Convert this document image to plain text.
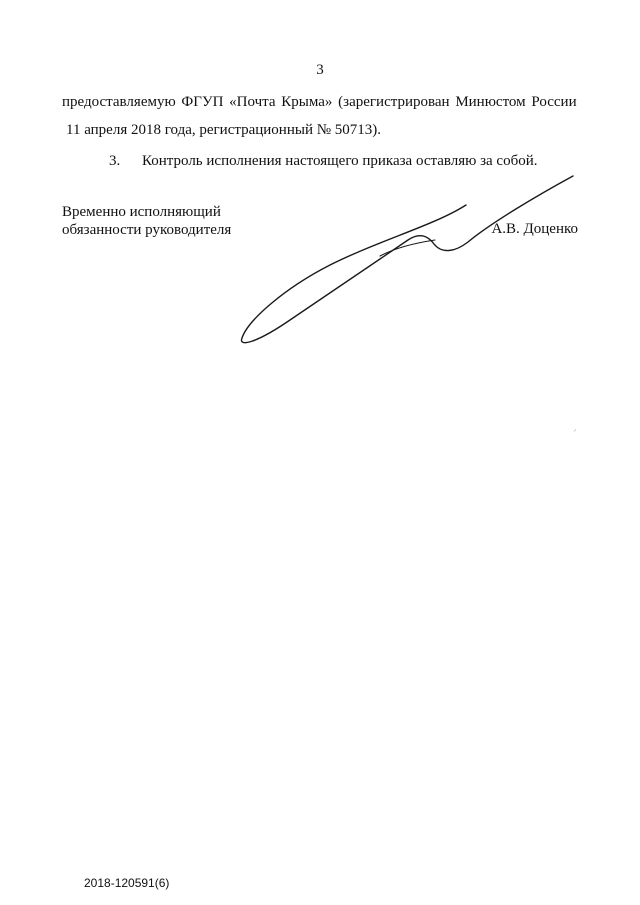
3
предоставляемую ФГУП «Почта Крыма» (зарегистрирован Минюстом России
11 апреля 2018 года, регистрационный № 50713).
3. Контроль исполнения настоящего приказа оставляю за собой.
Временно исполняющий
обязанности руководителя	А.В. Доценко
2018-120591(6)
